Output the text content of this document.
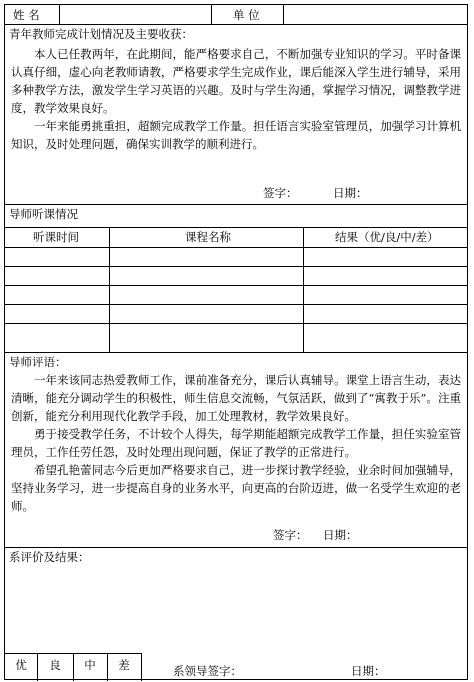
姓 名	单 位
青年教师完成计划情况及主要收获：

本人已任教两年，在此期间，能严格要求自己，不断加强专业知识的学习。平时备课认真仔细，虚心向老教师请教，严格要求学生完成作业，课后能深入学生进行辅导，采用多种教学方法，激发学生学习英语的兴趣。及时与学生沟通，掌握学习情况，调整教学进度，教学效果良好。

一年来能勇挑重担，超额完成教学工作量。担任语言实验室管理员，加强学习计算机知识，及时处理问题，确保实训教学的顺利进行。

签字：	日期：
导师听课情况
听课时间	课程名称	结果（优/良/中/差）
导师评语：

一年来该同志热爱教师工作，课前准备充分，课后认真辅导。课堂上语言生动，表达清晰，能充分调动学生的积极性，师生信息交流畅，气氛活跃，做到了“寓教于乐”。注重创新，能充分利用现代化教学手段，加工处理教材，教学效果良好。

勇于接受教学任务，不计较个人得失，每学期能超额完成教学工作量，担任实验室管理员，工作任劳任怨，及时处理出现问题，保证了教学的正常进行。

希望孔艳蕾同志今后更加严格要求自己，进一步探讨教学经验，业余时间加强辅导，坚持业务学习，进一步提高自身的业务水平，向更高的台阶迈进，做一名受学生欢迎的老师。

签字： 日期：
系评价及结果：
优	良	中	差	系领导签字：	日期：
